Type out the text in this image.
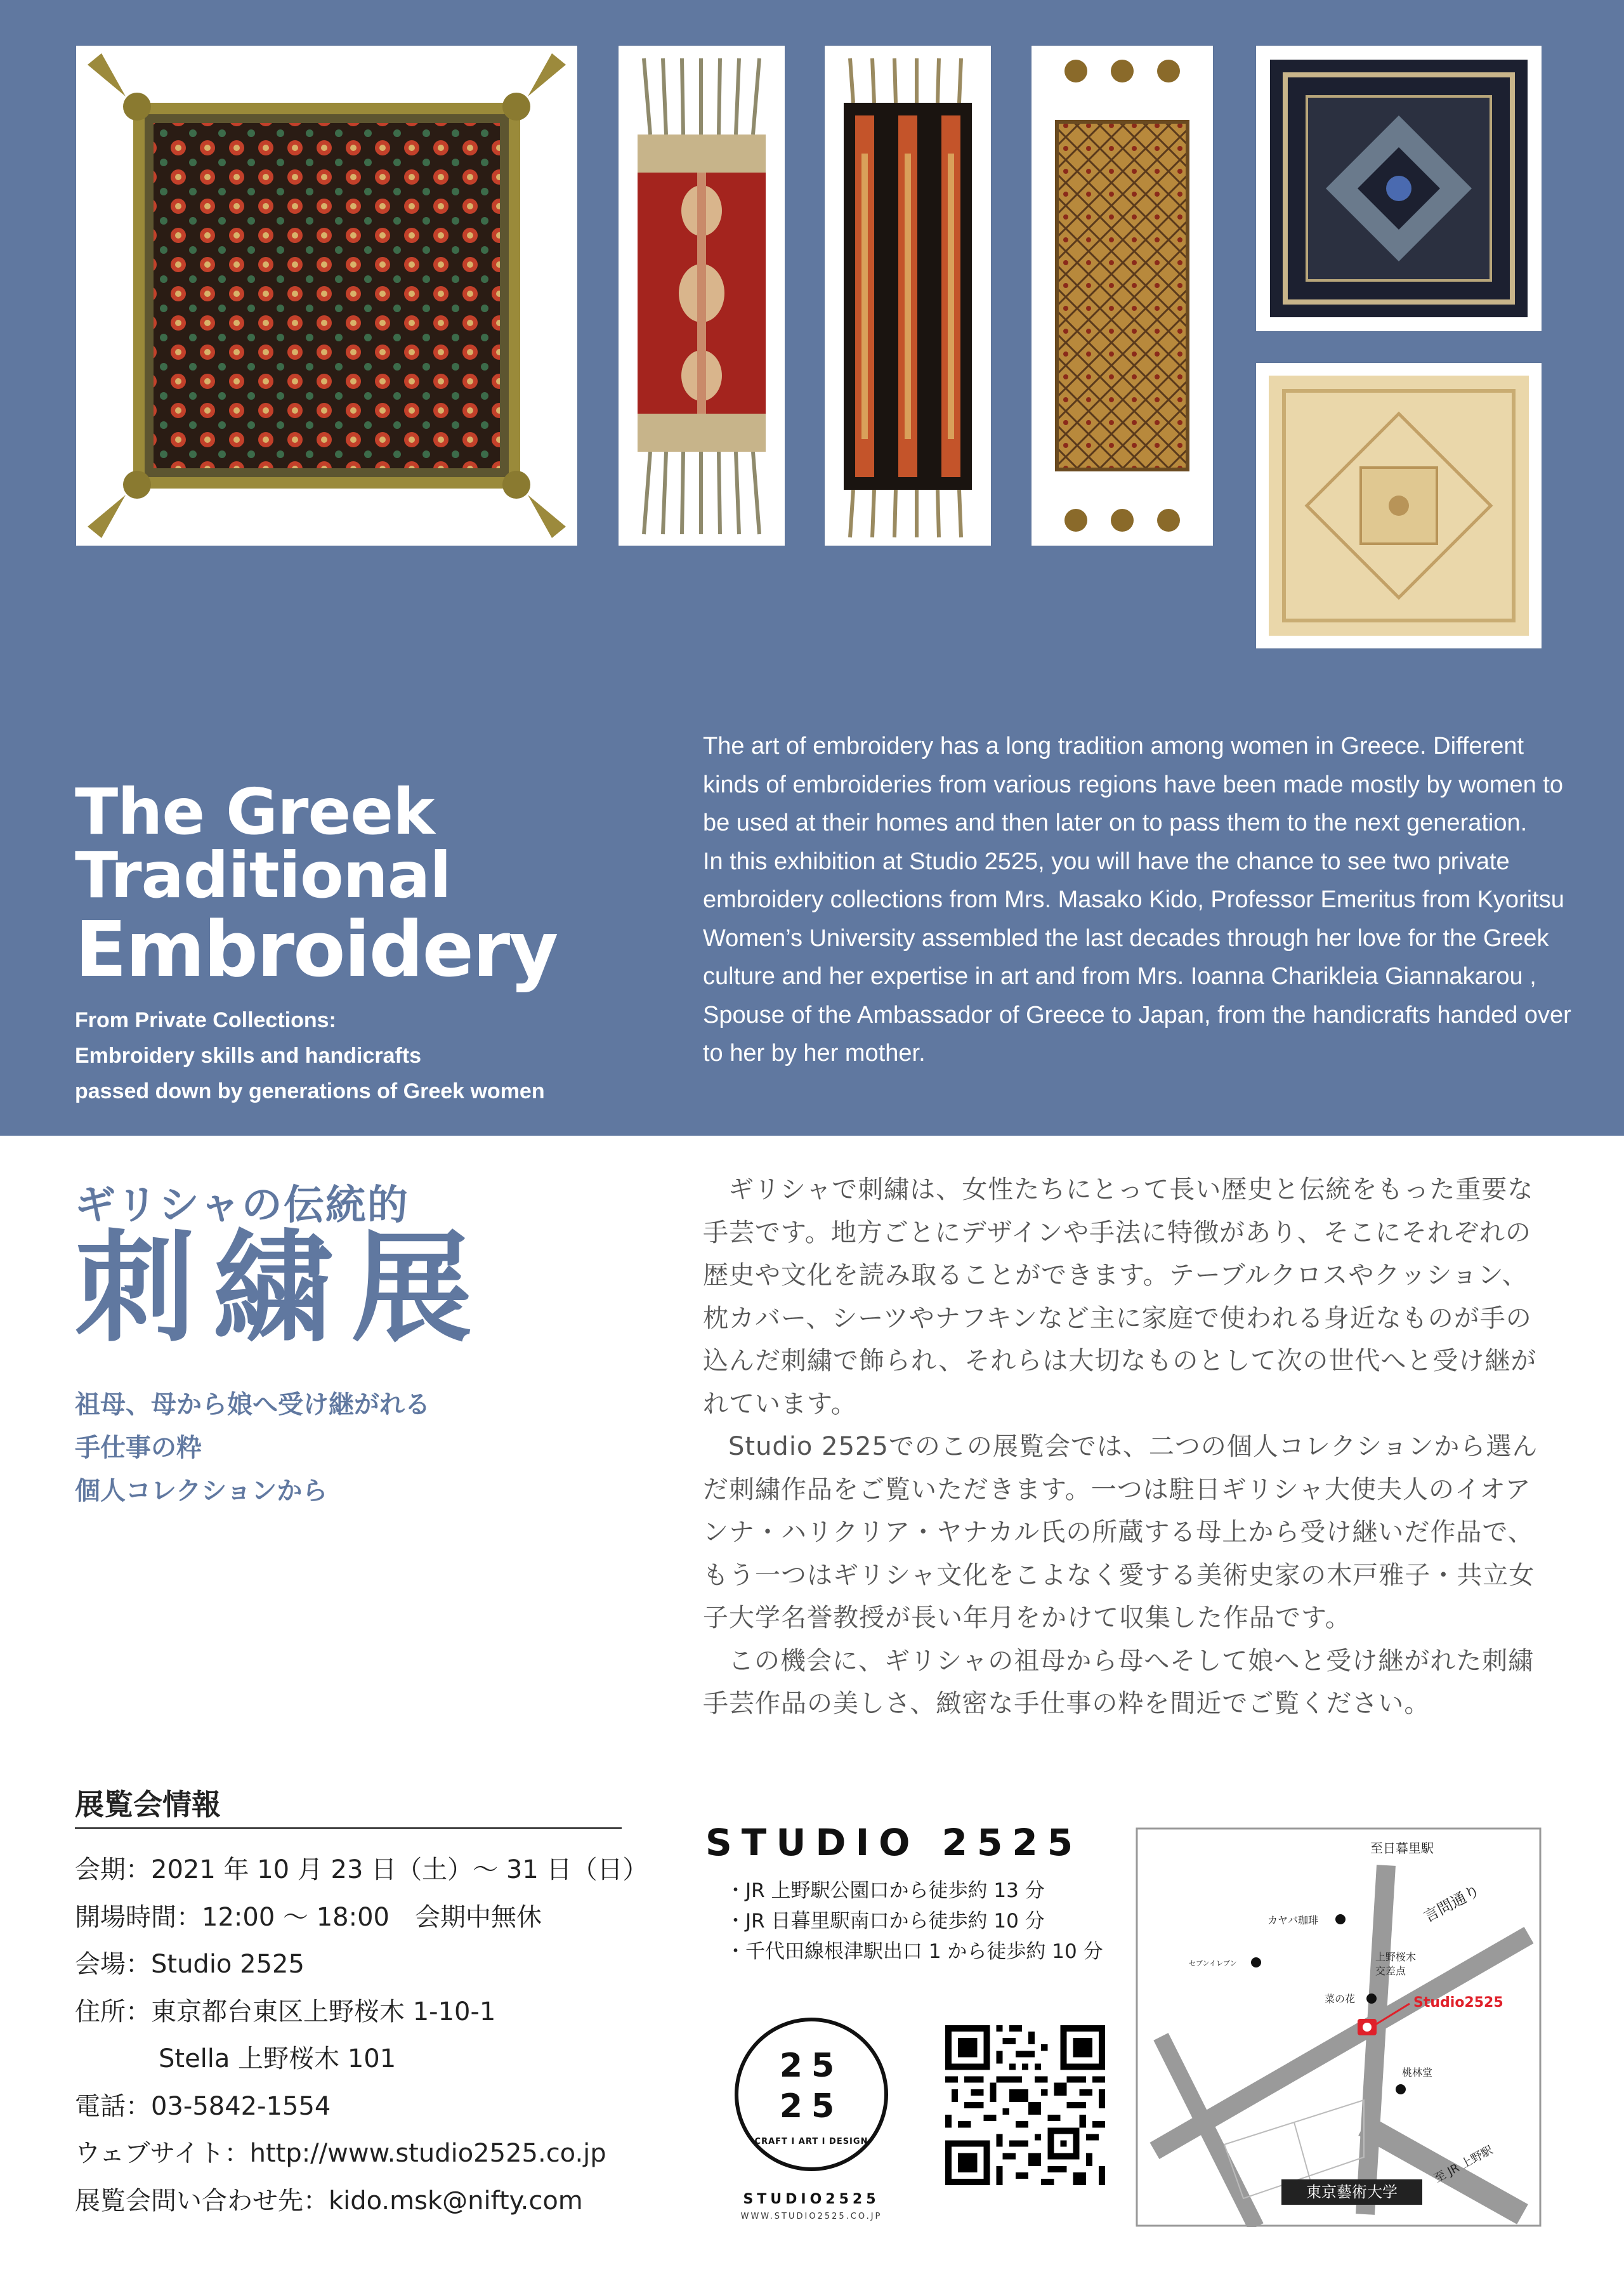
The Greek
Traditional
Embroidery
From Private Collections:
Embroidery skills and handicrafts
passed down by generations of Greek women

The art of embroidery has a long tradition among women in Greece. Different kinds of embroideries from various regions have been made mostly by women to be used at their homes and then later on to pass them to the next generation.

In this exhibition at Studio 2525, you will have the chance to see two private embroidery collections from Mrs. Masako Kido, Professor Emeritus from Kyoritsu Women’s University assembled the last decades through her love for the Greek culture and her expertise in art and from Mrs. Ioanna Charikleia Giannakarou , Spouse of the Ambassador of Greece to Japan, from the handicrafts handed over to her by her mother.

ギリシャの伝統的
刺繍展
祖母、母から娘へ受け継がれる
手仕事の粋
個人コレクションから

ギリシャで刺繍は、女性たちにとって長い歴史と伝統をもった重要な手芸です。地方ごとにデザインや手法に特徴があり、そこにそれぞれの歴史や文化を読み取ることができます。テーブルクロスやクッション、枕カバー、シーツやナフキンなど主に家庭で使われる身近なものが手の込んだ刺繍で飾られ、それらは大切なものとして次の世代へと受け継がれています。

Studio 2525でのこの展覧会では、二つの個人コレクションから選んだ刺繍作品をご覧いただきます。一つは駐日ギリシャ大使夫人のイオアンナ・ハリクリア・ヤナカル氏の所蔵する母上から受け継いだ作品で、もう一つはギリシャ文化をこよなく愛する美術史家の木戸雅子・共立女子大学名誉教授が長い年月をかけて収集した作品です。

この機会に、ギリシャの祖母から母へそして娘へと受け継がれた刺繍手芸作品の美しさ、緻密な手仕事の粋を間近でご覧ください。

展覧会情報
会期：2021 年 10 月 23 日（土）～ 31 日（日）
開場時間：12:00 ～ 18:00　会期中無休
会場：Studio 2525
住所：東京都台東区上野桜木 1-10-1
Stella 上野桜木 101
電話：03-5842-1554
ウェブサイト：http://www.studio2525.co.jp
展覧会問い合わせ先：kido.msk@nifty.com
STUDIO 2525
・JR 上野駅公園口から徒歩約 13 分
・JR 日暮里駅南口から徒歩約 10 分
・千代田線根津駅出口 1 から徒歩約 10 分
25
25
CRAFT I ART I DESIGN
STUDIO2525
WWW.STUDIO2525.CO.JP
至日暮里駅
言問通り
カヤバ珈琲
セブンイレブン
上野桜木
交差点
菜の花	Studio2525
桃林堂
至 JR 上野駅
東京藝術大学
